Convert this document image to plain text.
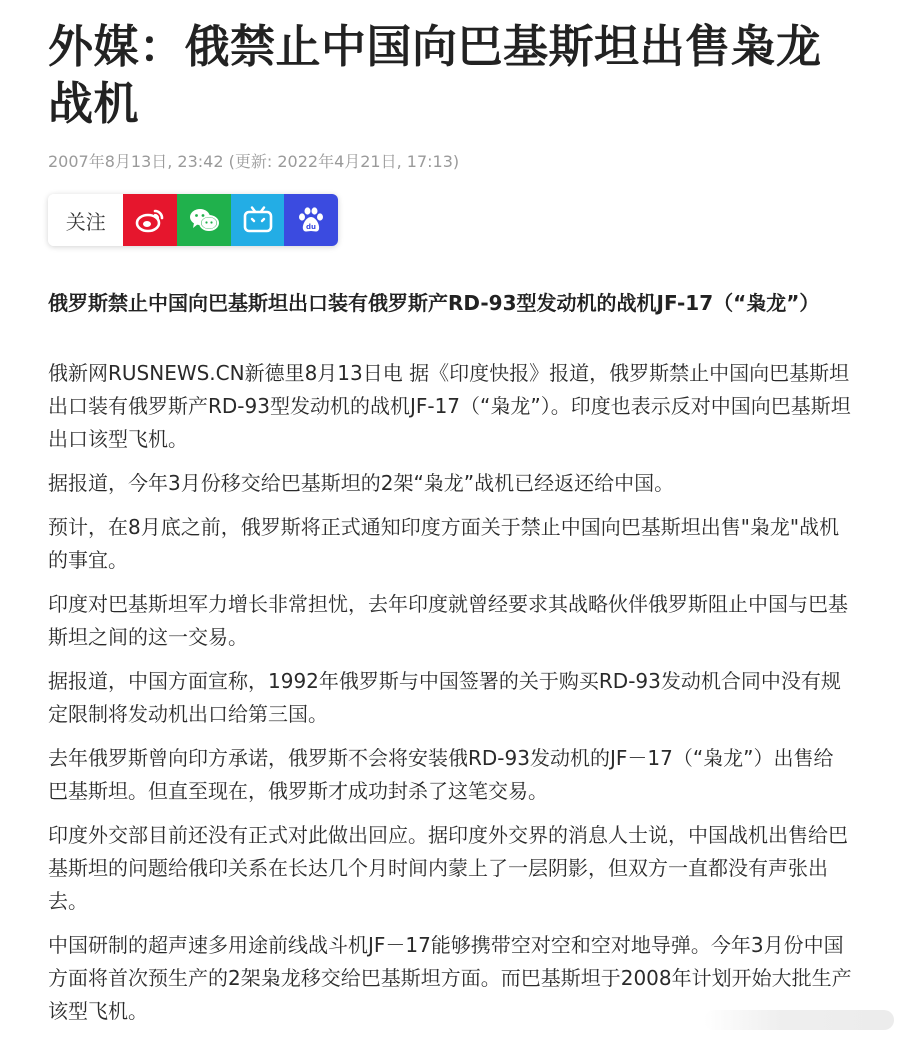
外媒：俄禁止中国向巴基斯坦出售枭龙战机
2007年8月13日, 23:42 (更新: 2022年4月21日, 17:13)
关注	du
俄罗斯禁止中国向巴基斯坦出口装有俄罗斯产RD-93型发动机的战机JF-17（“枭龙”）

俄新网RUSNEWS.CN新德里8月13日电 据《印度快报》报道，俄罗斯禁止中国向巴基斯坦出口装有俄罗斯产RD-93型发动机的战机JF-17（“枭龙”）。印度也表示反对中国向巴基斯坦出口该型飞机。

据报道，今年3月份移交给巴基斯坦的2架“枭龙”战机已经返还给中国。

预计，在8月底之前，俄罗斯将正式通知印度方面关于禁止中国向巴基斯坦出售"枭龙"战机的事宜。

印度对巴基斯坦军力增长非常担忧，去年印度就曾经要求其战略伙伴俄罗斯阻止中国与巴基斯坦之间的这一交易。

据报道，中国方面宣称，1992年俄罗斯与中国签署的关于购买RD-93发动机合同中没有规定限制将发动机出口给第三国。

去年俄罗斯曾向印方承诺，俄罗斯不会将安装俄RD-93发动机的JF－17（“枭龙”）出售给巴基斯坦。但直至现在，俄罗斯才成功封杀了这笔交易。

印度外交部目前还没有正式对此做出回应。据印度外交界的消息人士说，中国战机出售给巴基斯坦的问题给俄印关系在长达几个月时间内蒙上了一层阴影，但双方一直都没有声张出去。

中国研制的超声速多用途前线战斗机JF－17能够携带空对空和空对地导弹。今年3月份中国方面将首次预生产的2架枭龙移交给巴基斯坦方面。而巴基斯坦于2008年计划开始大批生产该型飞机。
